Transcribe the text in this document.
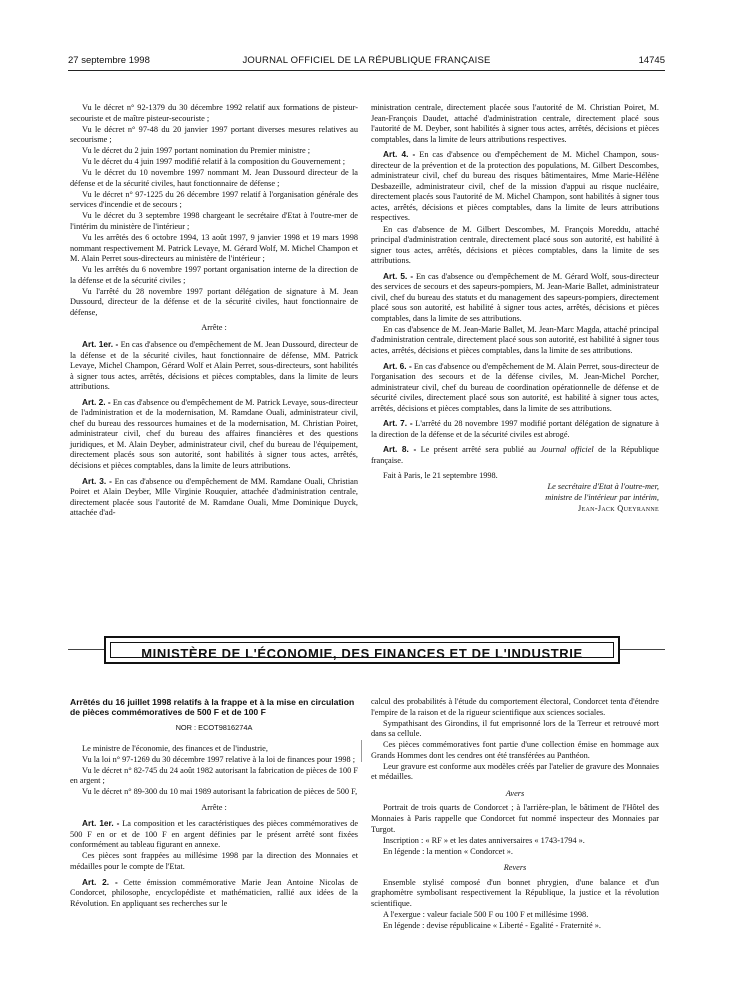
27 septembre 1998	JOURNAL OFFICIEL DE LA RÉPUBLIQUE FRANÇAISE	14745

Vu le décret n° 92-1379 du 30 décembre 1992 relatif aux formations de pisteur-secouriste et de maître pisteur-secouriste ;

Vu le décret n° 97-48 du 20 janvier 1997 portant diverses mesures relatives au secourisme ;

Vu le décret du 2 juin 1997 portant nomination du Premier ministre ;

Vu le décret du 4 juin 1997 modifié relatif à la composition du Gouvernement ;

Vu le décret du 10 novembre 1997 nommant M. Jean Dussourd directeur de la défense et de la sécurité civiles, haut fonctionnaire de défense ;

Vu le décret n° 97-1225 du 26 décembre 1997 relatif à l'organisation générale des services d'incendie et de secours ;

Vu le décret du 3 septembre 1998 chargeant le secrétaire d'Etat à l'outre-mer de l'intérim du ministère de l'intérieur ;

Vu les arrêtés des 6 octobre 1994, 13 août 1997, 9 janvier 1998 et 19 mars 1998 nommant respectivement M. Patrick Levaye, M. Gérard Wolf, M. Michel Champon et M. Alain Perret sous-directeurs au ministère de l'intérieur ;

Vu les arrêtés du 6 novembre 1997 portant organisation interne de la direction de la défense et de la sécurité civiles ;

Vu l'arrêté du 28 novembre 1997 portant délégation de signature à M. Jean Dussourd, directeur de la défense et de la sécurité civiles, haut fonctionnaire de défense,

Arrête :

Art. 1er. - En cas d'absence ou d'empêchement de M. Jean Dussourd, directeur de la défense et de la sécurité civiles, haut fonctionnaire de défense, MM. Patrick Levaye, Michel Champon, Gérard Wolf et Alain Perret, sous-directeurs, sont habilités à signer tous actes, arrêtés, décisions et pièces comptables, dans la limite de leurs attributions.

Art. 2. - En cas d'absence ou d'empêchement de M. Patrick Levaye, sous-directeur de l'administration et de la modernisation, M. Ramdane Ouali, administrateur civil, chef du bureau des ressources humaines et de la modernisation, M. Christian Poiret, administrateur civil, chef du bureau des affaires financières et des questions juridiques, et M. Alain Deyber, administrateur civil, chef du bureau de l'équipement, directement placés sous son autorité, sont habilités à signer tous actes, arrêtés, décisions et pièces comptables, dans la limite de leurs attributions.

Art. 3. - En cas d'absence ou d'empêchement de MM. Ramdane Ouali, Christian Poiret et Alain Deyber, Mlle Virginie Rouquier, attachée d'administration centrale, directement placée sous l'autorité de M. Ramdane Ouali, Mme Dominique Duyck, attachée d'ad-

ministration centrale, directement placée sous l'autorité de M. Christian Poiret, M. Jean-François Daudet, attaché d'administration centrale, directement placé sous l'autorité de M. Deyber, sont habilités à signer tous actes, arrêtés, décisions et pièces comptables, dans la limite de leurs attributions respectives.

Art. 4. - En cas d'absence ou d'empêchement de M. Michel Champon, sous-directeur de la prévention et de la protection des populations, M. Gilbert Descombes, administrateur civil, chef du bureau des risques bâtimentaires, Mme Marie-Hélène Desbazeille, administrateur civil, chef de la mission d'appui au risque nucléaire, directement placés sous l'autorité de M. Michel Champon, sont habilités à signer tous actes, arrêtés, décisions et pièces comptables, dans la limite de leurs attributions respectives.

En cas d'absence de M. Gilbert Descombes, M. François Moreddu, attaché principal d'administration centrale, directement placé sous son autorité, est habilité à signer tous actes, arrêtés, décisions et pièces comptables, dans la limite de ses attributions.

Art. 5. - En cas d'absence ou d'empêchement de M. Gérard Wolf, sous-directeur des services de secours et des sapeurs-pompiers, M. Jean-Marie Ballet, administrateur civil, chef du bureau des statuts et du management des sapeurs-pompiers, directement placé sous son autorité, est habilité à signer tous actes, arrêtés, décisions et pièces comptables, dans la limite de ses attributions.

En cas d'absence de M. Jean-Marie Ballet, M. Jean-Marc Magda, attaché principal d'administration centrale, directement placé sous son autorité, est habilité à signer tous actes, arrêtés, décisions et pièces comptables, dans la limite de ses attributions.

Art. 6. - En cas d'absence ou d'empêchement de M. Alain Perret, sous-directeur de l'organisation des secours et de la défense civiles, M. Jean-Michel Porcher, administrateur civil, chef du bureau de coordination opérationnelle de défense et de sécurité civiles, directement placé sous son autorité, est habilité à signer tous actes, arrêtés, décisions et pièces comptables, dans la limite de ses attributions.

Art. 7. - L'arrêté du 28 novembre 1997 modifié portant délégation de signature à la direction de la défense et de la sécurité civiles est abrogé.

Art. 8. - Le présent arrêté sera publié au Journal officiel de la République française.

Fait à Paris, le 21 septembre 1998.

Le secrétaire d'Etat à l'outre-mer,

ministre de l'intérieur par intérim,

Jean-Jack Queyranne

MINISTÈRE DE L'ÉCONOMIE, DES FINANCES ET DE L'INDUSTRIE

Arrêtés du 16 juillet 1998 relatifs à la frappe et à la mise en circulation de pièces commémoratives de 500 F et de 100 F

NOR : ECOT9816274A

Le ministre de l'économie, des finances et de l'industrie,

Vu la loi n° 97-1269 du 30 décembre 1997 relative à la loi de finances pour 1998 ;

Vu le décret n° 82-745 du 24 août 1982 autorisant la fabrication de pièces de 100 F en argent ;

Vu le décret n° 89-300 du 10 mai 1989 autorisant la fabrication de pièces de 500 F,

Arrête :

Art. 1er. - La composition et les caractéristiques des pièces commémoratives de 500 F en or et de 100 F en argent définies par le présent arrêté sont fixées conformément au tableau figurant en annexe.

Ces pièces sont frappées au millésime 1998 par la direction des Monnaies et médailles pour le compte de l'Etat.

Art. 2. - Cette émission commémorative Marie Jean Antoine Nicolas de Condorcet, philosophe, encyclopédiste et mathématicien, rallié aux idées de la Révolution. En appliquant ses recherches sur le

calcul des probabilités à l'étude du comportement électoral, Condorcet tenta d'étendre l'empire de la raison et de la rigueur scientifique aux sciences sociales.

Sympathisant des Girondins, il fut emprisonné lors de la Terreur et retrouvé mort dans sa cellule.

Ces pièces commémoratives font partie d'une collection émise en hommage aux Grands Hommes dont les cendres ont été transférées au Panthéon.

Leur gravure est conforme aux modèles créés par l'atelier de gravure des Monnaies et médailles.

Avers

Portrait de trois quarts de Condorcet ; à l'arrière-plan, le bâtiment de l'Hôtel des Monnaies à Paris rappelle que Condorcet fut nommé inspecteur des Monnaies par Turgot.

Inscription : « RF » et les dates anniversaires « 1743-1794 ».

En légende : la mention « Condorcet ».

Revers

Ensemble stylisé composé d'un bonnet phrygien, d'une balance et d'un graphomètre symbolisant respectivement la République, la justice et la révolution scientifique.

A l'exergue : valeur faciale 500 F ou 100 F et millésime 1998.

En légende : devise républicaine « Liberté - Egalité - Fraternité ».
